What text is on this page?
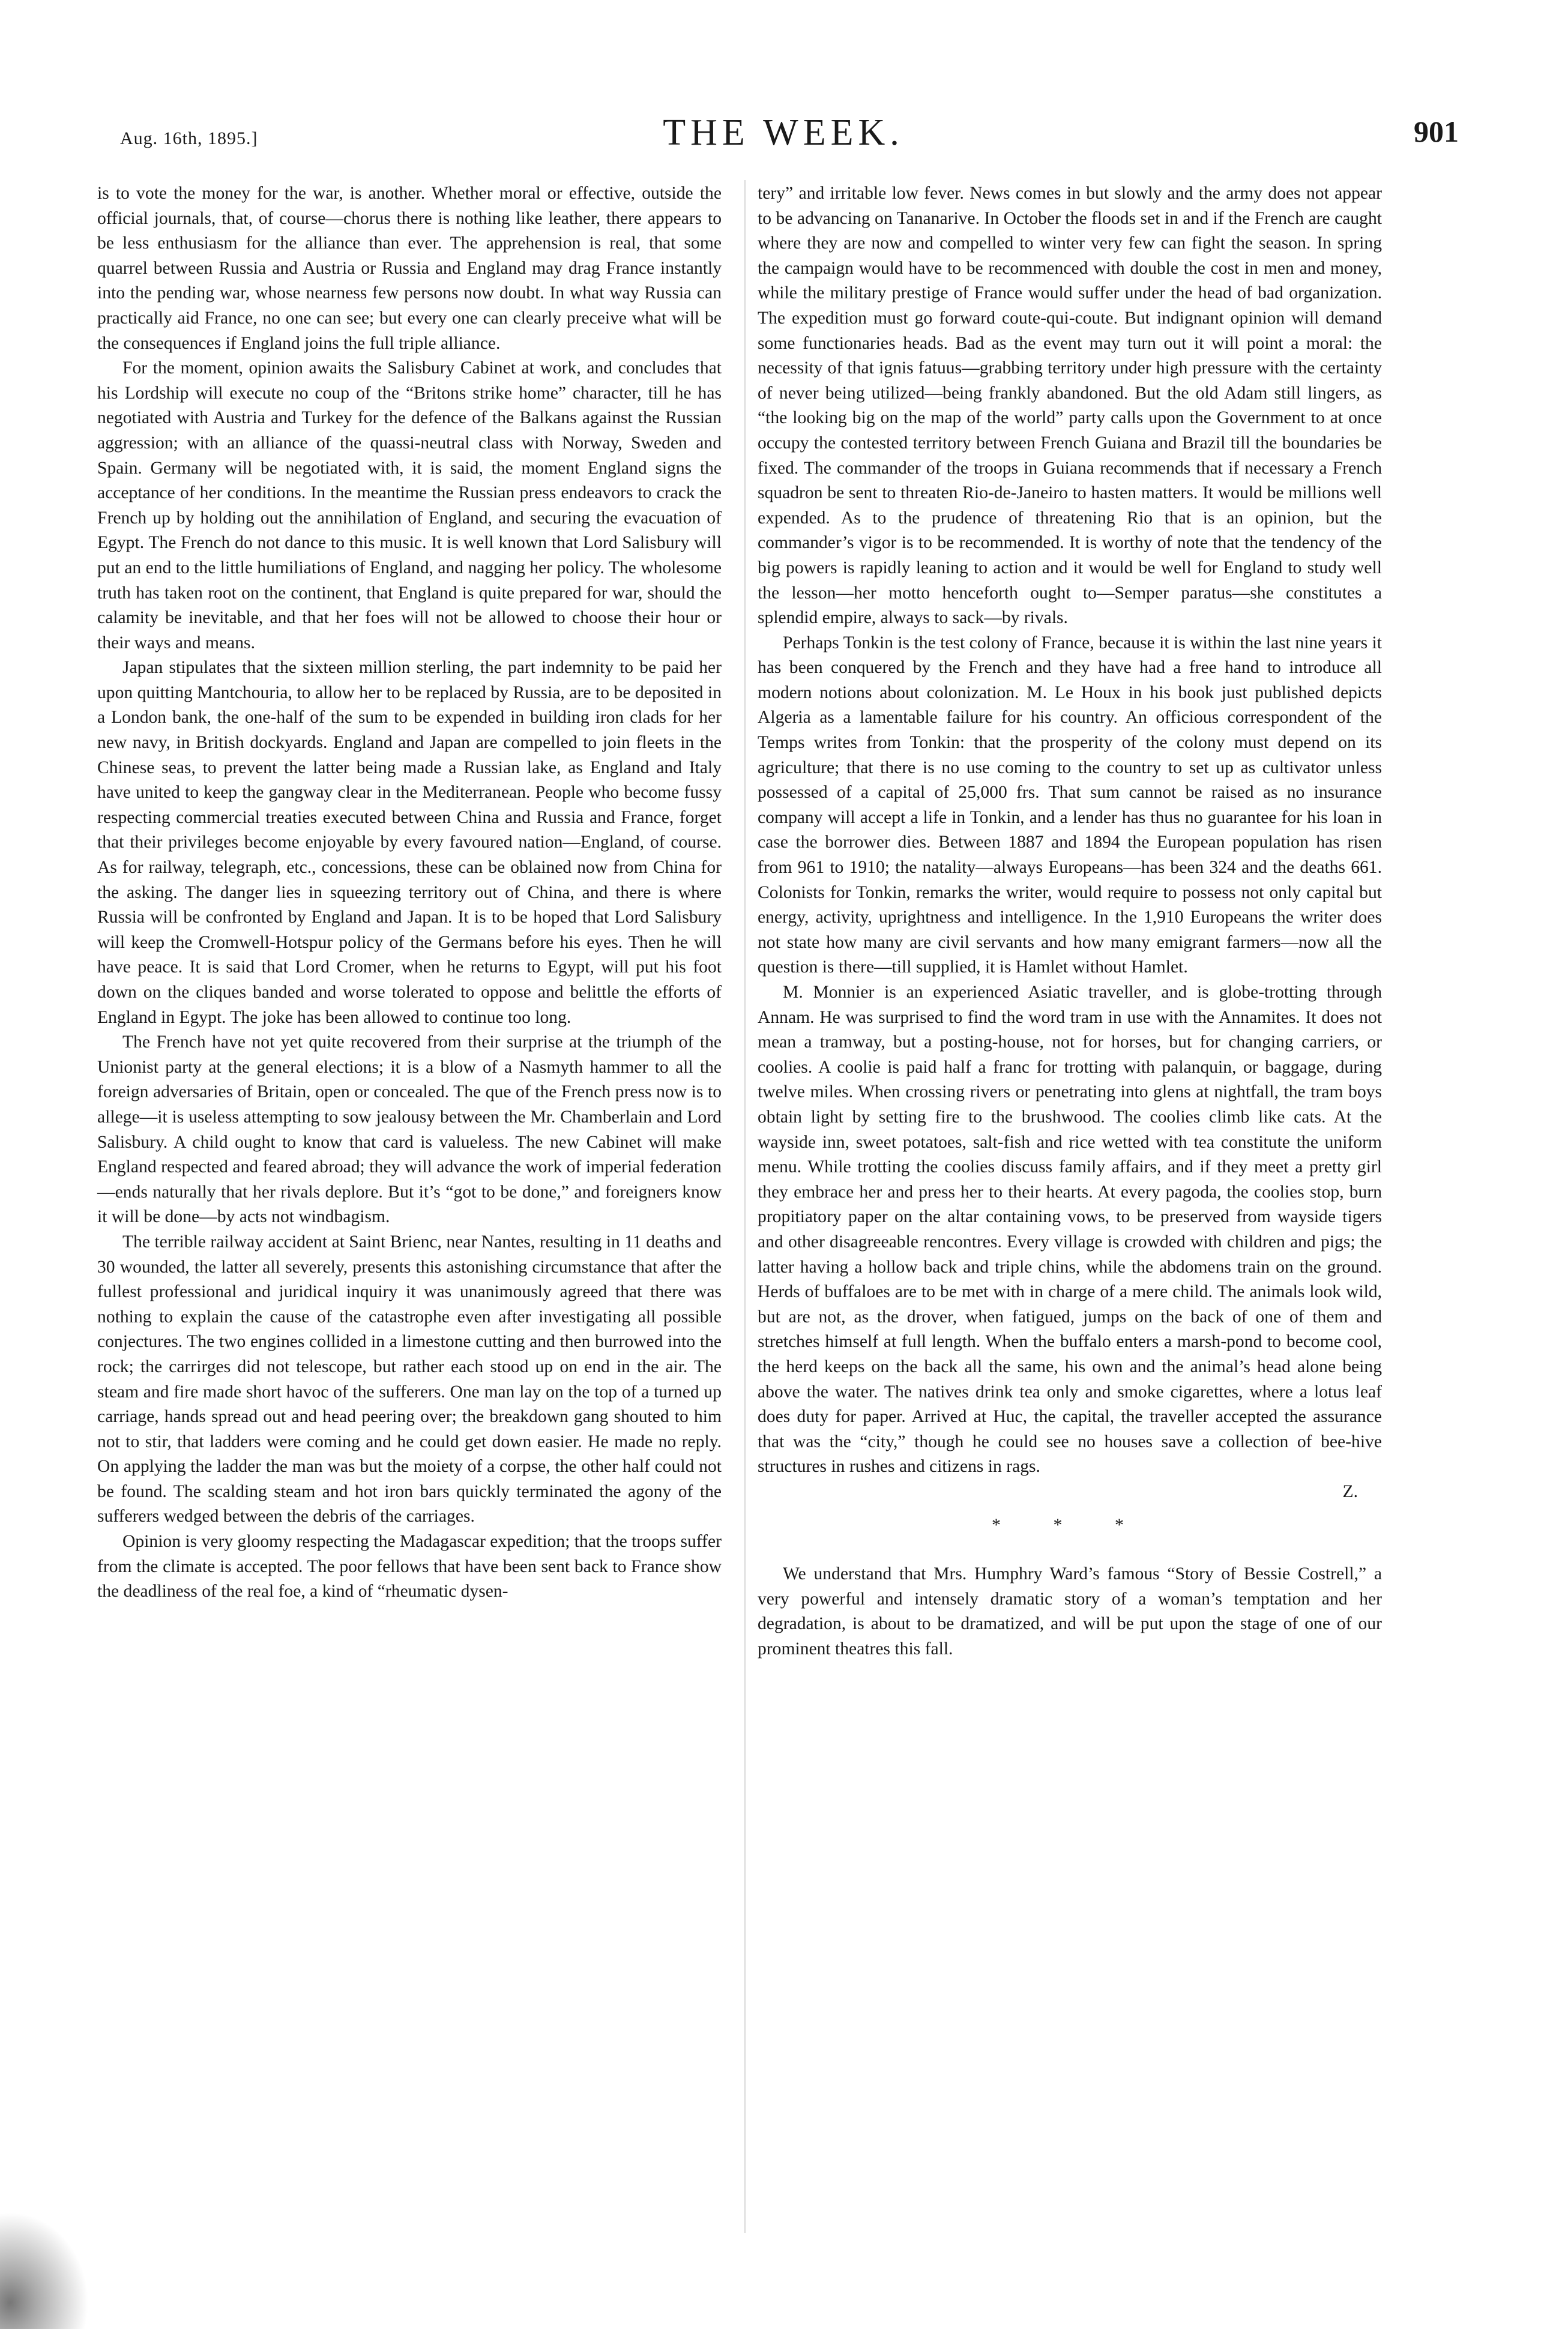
Aug. 16th, 1895.]	THE WEEK.	901

is to vote the money for the war, is another. Whether moral or effective, outside the official journals, that, of course—chorus there is nothing like leather, there appears to be less enthusiasm for the alliance than ever. The apprehension is real, that some quarrel between Russia and Austria or Russia and England may drag France instantly into the pending war, whose nearness few persons now doubt. In what way Russia can practically aid France, no one can see; but every one can clearly preceive what will be the consequences if England joins the full triple alliance.

For the moment, opinion awaits the Salisbury Cabinet at work, and concludes that his Lordship will execute no coup of the “Britons strike home” character, till he has negotiated with Austria and Turkey for the defence of the Balkans against the Russian aggression; with an alliance of the quassi-neutral class with Norway, Sweden and Spain. Germany will be negotiated with, it is said, the moment England signs the acceptance of her conditions. In the meantime the Russian press endeavors to crack the French up by holding out the annihilation of England, and securing the evacuation of Egypt. The French do not dance to this music. It is well known that Lord Salisbury will put an end to the little humiliations of England, and nagging her policy. The wholesome truth has taken root on the continent, that England is quite prepared for war, should the calamity be inevitable, and that her foes will not be allowed to choose their hour or their ways and means.

Japan stipulates that the sixteen million sterling, the part indemnity to be paid her upon quitting Mantchouria, to allow her to be replaced by Russia, are to be deposited in a London bank, the one-half of the sum to be expended in building iron clads for her new navy, in British dockyards. England and Japan are compelled to join fleets in the Chinese seas, to prevent the latter being made a Russian lake, as England and Italy have united to keep the gangway clear in the Mediterranean. People who become fussy respecting commercial treaties executed between China and Russia and France, forget that their privileges become enjoyable by every favoured nation—England, of course. As for railway, telegraph, etc., concessions, these can be oblained now from China for the asking. The danger lies in squeezing territory out of China, and there is where Russia will be confronted by England and Japan. It is to be hoped that Lord Salisbury will keep the Cromwell-Hotspur policy of the Germans before his eyes. Then he will have peace. It is said that Lord Cromer, when he returns to Egypt, will put his foot down on the cliques banded and worse tolerated to oppose and belittle the efforts of England in Egypt. The joke has been allowed to continue too long.

The French have not yet quite recovered from their surprise at the triumph of the Unionist party at the general elections; it is a blow of a Nasmyth hammer to all the foreign adversaries of Britain, open or concealed. The que of the French press now is to allege—it is useless attempting to sow jealousy between the Mr. Chamberlain and Lord Salisbury. A child ought to know that card is valueless. The new Cabinet will make England respected and feared abroad; they will advance the work of imperial federation—ends naturally that her rivals deplore. But it’s “got to be done,” and foreigners know it will be done—by acts not windbagism.

The terrible railway accident at Saint Brienc, near Nantes, resulting in 11 deaths and 30 wounded, the latter all severely, presents this astonishing circumstance that after the fullest professional and juridical inquiry it was unanimously agreed that there was nothing to explain the cause of the catastrophe even after investigating all possible conjectures. The two engines collided in a limestone cutting and then burrowed into the rock; the carrirges did not telescope, but rather each stood up on end in the air. The steam and fire made short havoc of the sufferers. One man lay on the top of a turned up carriage, hands spread out and head peering over; the breakdown gang shouted to him not to stir, that ladders were coming and he could get down easier. He made no reply. On applying the ladder the man was but the moiety of a corpse, the other half could not be found. The scalding steam and hot iron bars quickly terminated the agony of the sufferers wedged between the debris of the carriages.

Opinion is very gloomy respecting the Madagascar expedition; that the troops suffer from the climate is accepted. The poor fellows that have been sent back to France show the deadliness of the real foe, a kind of “rheumatic dysen-

tery” and irritable low fever. News comes in but slowly and the army does not appear to be advancing on Tananarive. In October the floods set in and if the French are caught where they are now and compelled to winter very few can fight the season. In spring the campaign would have to be recommenced with double the cost in men and money, while the military prestige of France would suffer under the head of bad organization. The expedition must go forward coute-qui-coute. But indignant opinion will demand some functionaries heads. Bad as the event may turn out it will point a moral: the necessity of that ignis fatuus—grabbing territory under high pressure with the certainty of never being utilized—being frankly abandoned. But the old Adam still lingers, as “the looking big on the map of the world” party calls upon the Government to at once occupy the contested territory between French Guiana and Brazil till the boundaries be fixed. The commander of the troops in Guiana recommends that if necessary a French squadron be sent to threaten Rio-de-Janeiro to hasten matters. It would be millions well expended. As to the prudence of threatening Rio that is an opinion, but the commander’s vigor is to be recommended. It is worthy of note that the tendency of the big powers is rapidly leaning to action and it would be well for England to study well the lesson—her motto henceforth ought to—Semper paratus—she constitutes a splendid empire, always to sack—by rivals.

Perhaps Tonkin is the test colony of France, because it is within the last nine years it has been conquered by the French and they have had a free hand to introduce all modern notions about colonization. M. Le Houx in his book just published depicts Algeria as a lamentable failure for his country. An officious correspondent of the Temps writes from Tonkin: that the prosperity of the colony must depend on its agriculture; that there is no use coming to the country to set up as cultivator unless possessed of a capital of 25,000 frs. That sum cannot be raised as no insurance company will accept a life in Tonkin, and a lender has thus no guarantee for his loan in case the borrower dies. Between 1887 and 1894 the European population has risen from 961 to 1910; the natality—always Europeans—has been 324 and the deaths 661. Colonists for Tonkin, remarks the writer, would require to possess not only capital but energy, activity, uprightness and intelligence. In the 1,910 Europeans the writer does not state how many are civil servants and how many emigrant farmers—now all the question is there—till supplied, it is Hamlet without Hamlet.

M. Monnier is an experienced Asiatic traveller, and is globe-trotting through Annam. He was surprised to find the word tram in use with the Annamites. It does not mean a tramway, but a posting-house, not for horses, but for changing carriers, or coolies. A coolie is paid half a franc for trotting with palanquin, or baggage, during twelve miles. When crossing rivers or penetrating into glens at nightfall, the tram boys obtain light by setting fire to the brushwood. The coolies climb like cats. At the wayside inn, sweet potatoes, salt-fish and rice wetted with tea constitute the uniform menu. While trotting the coolies discuss family affairs, and if they meet a pretty girl they embrace her and press her to their hearts. At every pagoda, the coolies stop, burn propitiatory paper on the altar containing vows, to be preserved from wayside tigers and other disagreeable rencontres. Every village is crowded with children and pigs; the latter having a hollow back and triple chins, while the abdomens train on the ground. Herds of buffaloes are to be met with in charge of a mere child. The animals look wild, but are not, as the drover, when fatigued, jumps on the back of one of them and stretches himself at full length. When the buffalo enters a marsh-pond to become cool, the herd keeps on the back all the same, his own and the animal’s head alone being above the water. The natives drink tea only and smoke cigarettes, where a lotus leaf does duty for paper. Arrived at Huc, the capital, the traveller accepted the assurance that was the “city,” though he could see no houses save a collection of bee-hive structures in rushes and citizens in rags.

Z.

* * *

We understand that Mrs. Humphry Ward’s famous “Story of Bessie Costrell,” a very powerful and intensely dramatic story of a woman’s temptation and her degradation, is about to be dramatized, and will be put upon the stage of one of our prominent theatres this fall.
